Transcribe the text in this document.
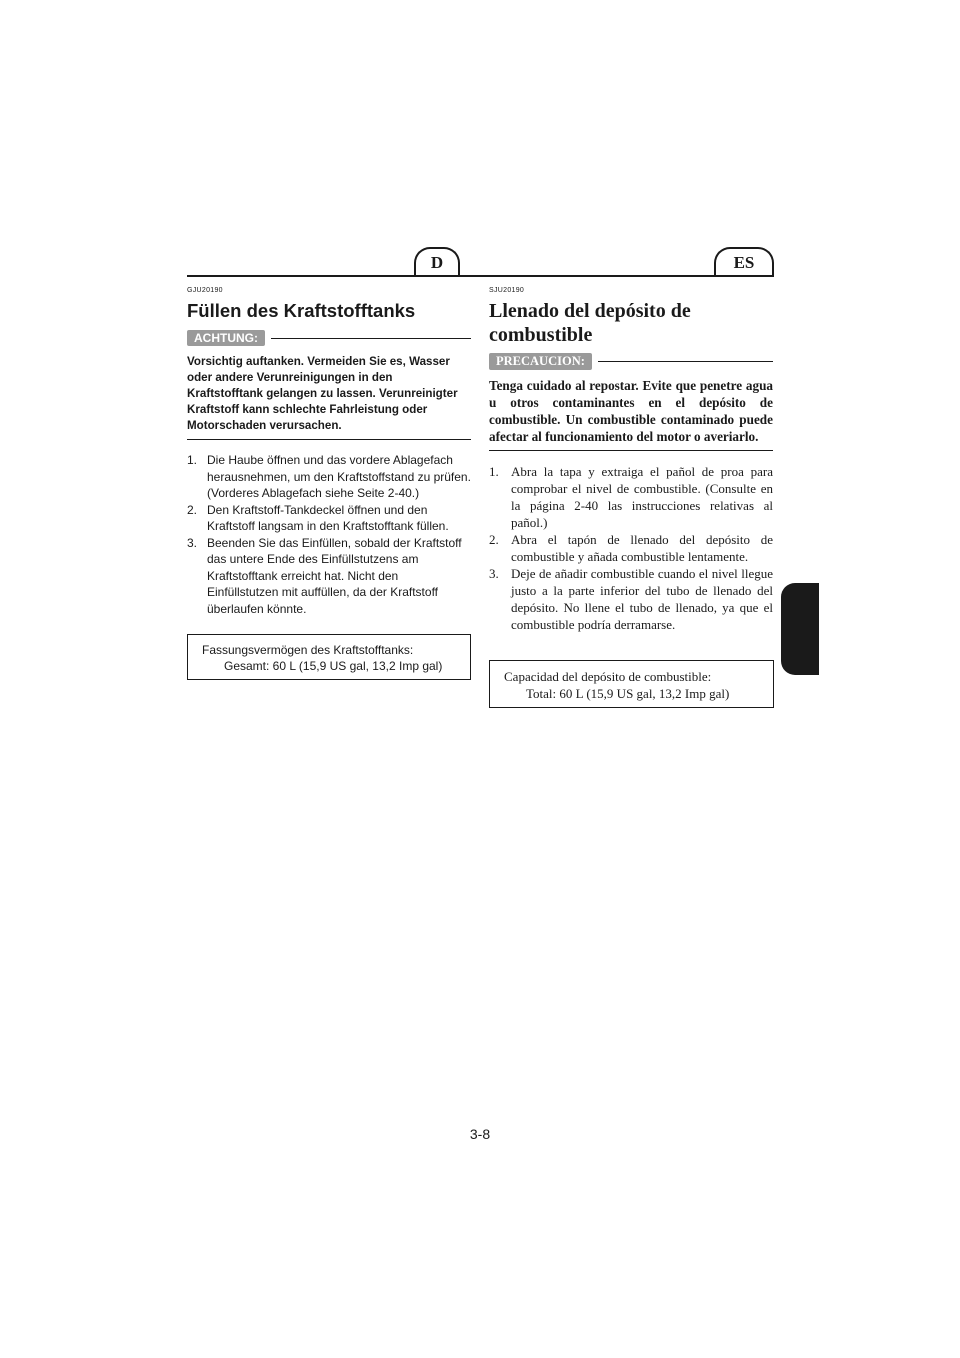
D	ES

GJU20190

Füllen des Kraftstofftanks
ACHTUNG:

Vorsichtig auftanken. Vermeiden Sie es, Wasser oder andere Verunreinigungen in den Kraftstofftank gelangen zu lassen. Verunreinigter Kraftstoff kann schlechte Fahrleistung oder Motorschaden verursachen.

1. Die Haube öffnen und das vordere Ablagefach herausnehmen, um den Kraftstoffstand zu prüfen. (Vorderes Ablagefach siehe Seite 2-40.)
2. Den Kraftstoff-Tankdeckel öffnen und den Kraftstoff langsam in den Kraftstofftank füllen.
3. Beenden Sie das Einfüllen, sobald der Kraftstoff das untere Ende des Einfüllstutzens am Kraftstofftank erreicht hat. Nicht den Einfüllstutzen mit auffüllen, da der Kraftstoff überlaufen könnte.
Fassungsvermögen des Kraftstofftanks:
Gesamt: 60 L (15,9 US gal, 13,2 Imp gal)

SJU20190

Llenado del depósito de combustible
PRECAUCION:

Tenga cuidado al repostar. Evite que penetre agua u otros contaminantes en el depósito de combustible. Un combustible contaminado puede afectar al funcionamiento del motor o averiarlo.

1. Abra la tapa y extraiga el pañol de proa para comprobar el nivel de combustible. (Consulte en la página 2-40 las instrucciones relativas al pañol.)
2. Abra el tapón de llenado del depósito de combustible y añada combustible lentamente.
3. Deje de añadir combustible cuando el nivel llegue justo a la parte inferior del tubo de llenado del depósito. No llene el tubo de llenado, ya que el combustible podría derramarse.
Capacidad del depósito de combustible:
Total: 60 L (15,9 US gal, 13,2 Imp gal)
3-8
